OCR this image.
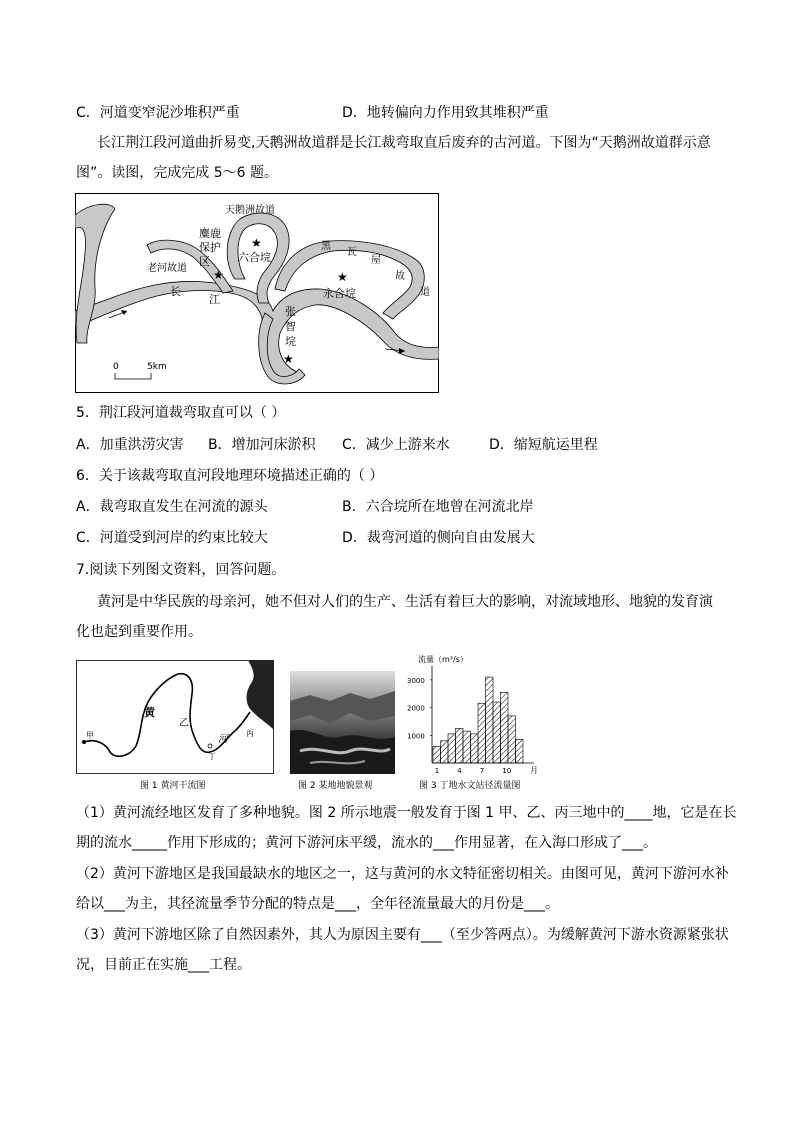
C．河道变窄泥沙堆积严重	D．地转偏向力作用致其堆积严重
长江荆江段河道曲折易变,天鹅洲故道群是长江裁弯取直后废弃的古河道。下图为“天鹅洲故道群示意
图”。读图，完成完成 5～6 题。
天鹅洲故道
麋鹿
保护
区
★
★
六合垸
老河故道
长
江
黑
瓦
屋
故
道
★
永合垸
张
智
垸
★
0	5km
5．荆江段河道裁弯取直可以（ ）
A．加重洪涝灾害 B．增加河床淤积 C．减少上游来水	D．缩短航运里程
6．关于该裁弯取直河段地理环境描述正确的（ ）
A．裁弯取直发生在河流的源头	B．六合垸所在地曾在河流北岸
C．河道受到河岸的约束比较大	D．裁弯河道的侧向自由发展大
7.阅读下列图文资料，回答问题。
黄河是中华民族的母亲河，她不但对人们的生产、生活有着巨大的影响，对流域地形、地貌的发育演
化也起到重要作用。
黄
河
甲
乙
丙
丁
图 1 黄河干流图	图 2 某地地貌景观
流量（m³/s）
1000
2000
3000
1	4	7	10 月
图 3 丁地水文站径流量图
（1）黄河流经地区发育了多种地貌。图 2 所示地震一般发育于图 1 甲、乙、丙三地中的____地，它是在长
期的流水_____作用下形成的；黄河下游河床平缓，流水的___作用显著，在入海口形成了___。
（2）黄河下游地区是我国最缺水的地区之一，这与黄河的水文特征密切相关。由图可见，黄河下游河水补
给以___为主，其径流量季节分配的特点是___，全年径流量最大的月份是___。
（3）黄河下游地区除了自然因素外，其人为原因主要有___（至少答两点）。为缓解黄河下游水资源紧张状
况，目前正在实施___工程。
